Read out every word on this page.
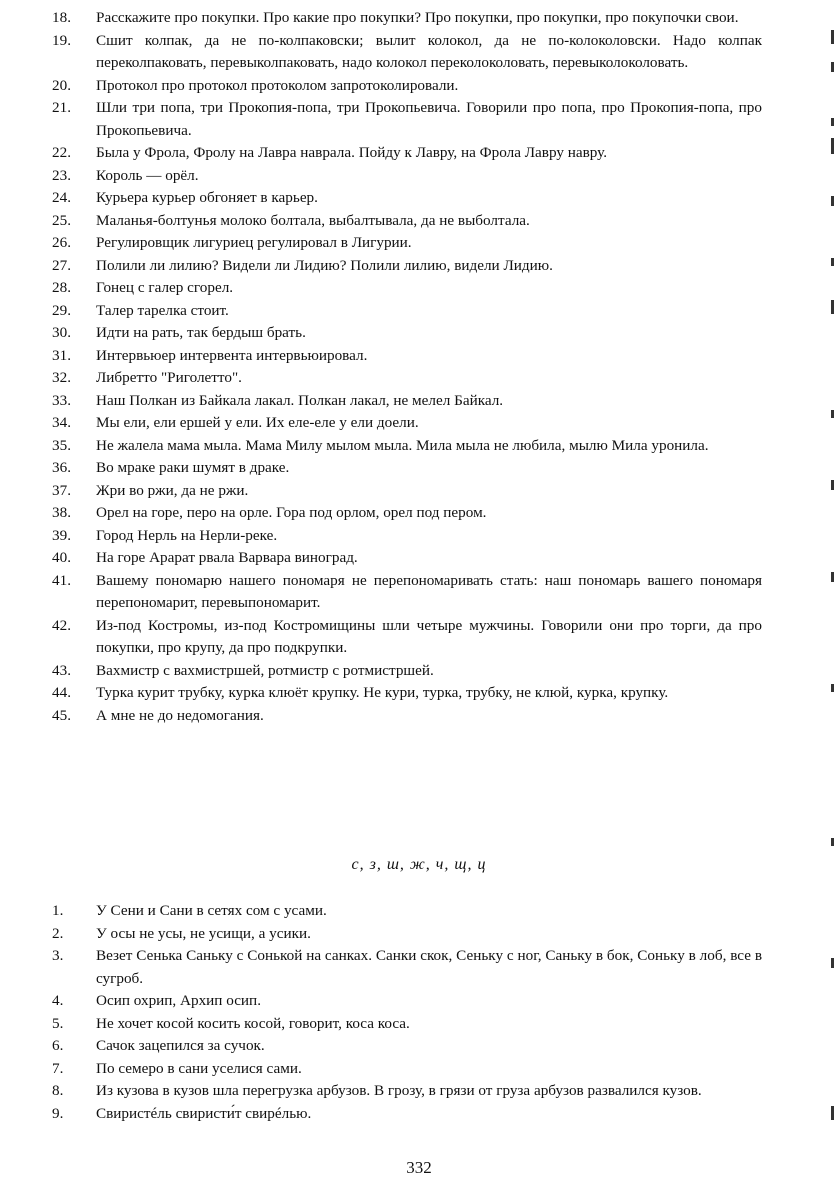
18.	Расскажите про покупки. Про какие про покупки? Про покупки, про покупки, про покупочки свои.
19.	Сшит колпак, да не по-колпаковски; вылит колокол, да не по-колоколовски. Надо колпак переколпаковать, перевыколпаковать, надо колокол переколоколовать, перевыколоколовать.
20.	Протокол про протокол протоколом запротоколировали.
21.	Шли три попа, три Прокопия-попа, три Прокопьевича. Говорили про попа, про Прокопия-попа, про Прокопьевича.
22.	Была у Фрола, Фролу на Лавра наврала. Пойду к Лавру, на Фрола Лавру навру.
23.	Король — орёл.
24.	Курьера курьер обгоняет в карьер.
25.	Маланья-болтунья молоко болтала, выбалтывала, да не выболтала.
26.	Регулировщик лигуриец регулировал в Лигурии.
27.	Полили ли лилию? Видели ли Лидию? Полили лилию, видели Лидию.
28.	Гонец с галер сгорел.
29.	Талер тарелка стоит.
30.	Идти на рать, так бердыш брать.
31.	Интервьюер интервента интервьюировал.
32.	Либретто "Риголетто".
33.	Наш Полкан из Байкала лакал. Полкан лакал, не мелел Байкал.
34.	Мы ели, ели ершей у ели. Их еле-еле у ели доели.
35.	Не жалела мама мыла. Мама Милу мылом мыла. Мила мыла не любила, мылю Мила уронила.
36.	Во мраке раки шумят в драке.
37.	Жри во ржи, да не ржи.
38.	Орел на горе, перо на орле. Гора под орлом, орел под пером.
39.	Город Нерль на Нерли-реке.
40.	На горе Арарат рвала Варвара виноград.
41.	Вашему пономарю нашего пономаря не перепономаривать стать: наш пономарь вашего пономаря перепономарит, перевыпономарит.
42.	Из-под Костромы, из-под Костромищины шли четыре мужчины. Говорили они про торги, да про покупки, про крупу, да про подкрупки.
43.	Вахмистр с вахмистршей, ротмистр с ротмистршей.
44.	Турка курит трубку, курка клюёт крупку. Не кури, турка, трубку, не клюй, курка, крупку.
45.	А мне не до недомогания.
с, з, ш, ж, ч, щ, ц
1.	У Сени и Сани в сетях сом с усами.
2.	У осы не усы, не усищи, а усики.
3.	Везет Сенька Саньку с Сонькой на санках. Санки скок, Сеньку с ног, Саньку в бок, Соньку в лоб, все в сугроб.
4.	Осип охрип, Архип осип.
5.	Не хочет косой косить косой, говорит, коса коса.
6.	Сачок зацепился за сучок.
7.	По семеро в сани уселися сами.
8.	Из кузова в кузов шла перегрузка арбузов. В грозу, в грязи от груза арбузов развалился кузов.
9.	Свиристéль свиристи́т свирéлью.
332
